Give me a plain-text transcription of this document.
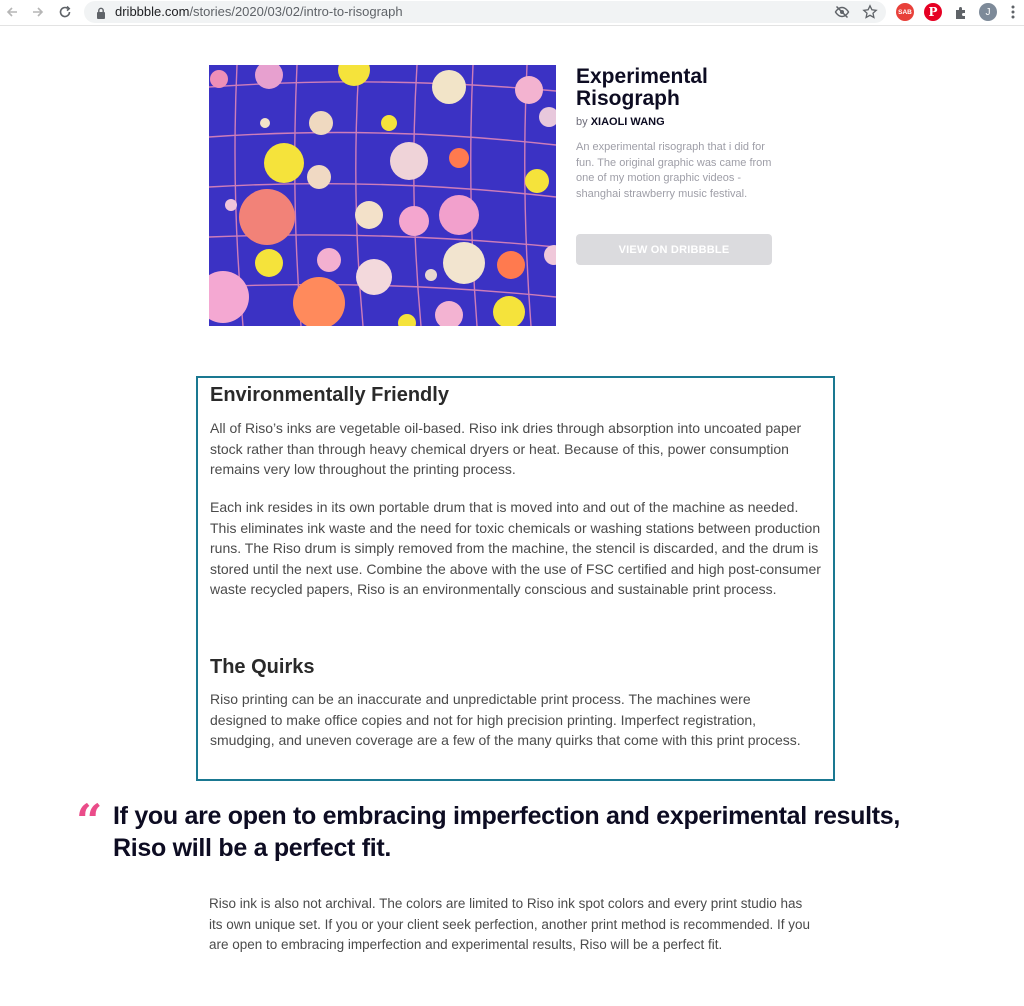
dribbble.com/stories/2020/03/02/intro-to-risograph	SAB P	J
Experimental Risograph
by XIAOLI WANG
An experimental risograph that i did for fun. The original graphic was came from one of my motion graphic videos - shanghai strawberry music festival.
VIEW ON DRIBBBLE
Environmentally Friendly
All of Riso’s inks are vegetable oil-based. Riso ink dries through absorption into uncoated paper stock rather than through heavy chemical dryers or heat. Because of this, power consumption remains very low throughout the printing process.
Each ink resides in its own portable drum that is moved into and out of the machine as needed. This eliminates ink waste and the need for toxic chemicals or washing stations between production runs. The Riso drum is simply removed from the machine, the stencil is discarded, and the drum is stored until the next use. Combine the above with the use of FSC certified and high post-consumer waste recycled papers, Riso is an environmentally conscious and sustainable print process.
The Quirks
Riso printing can be an inaccurate and unpredictable print process. The machines were designed to make office copies and not for high precision printing. Imperfect registration, smudging, and uneven coverage are a few of the many quirks that come with this print process.
“ If you are open to embracing imperfection and experimental results, Riso will be a perfect fit.
Riso ink is also not archival. The colors are limited to Riso ink spot colors and every print studio has its own unique set. If you or your client seek perfection, another print method is recommended. If you are open to embracing imperfection and experimental results, Riso will be a perfect fit.
